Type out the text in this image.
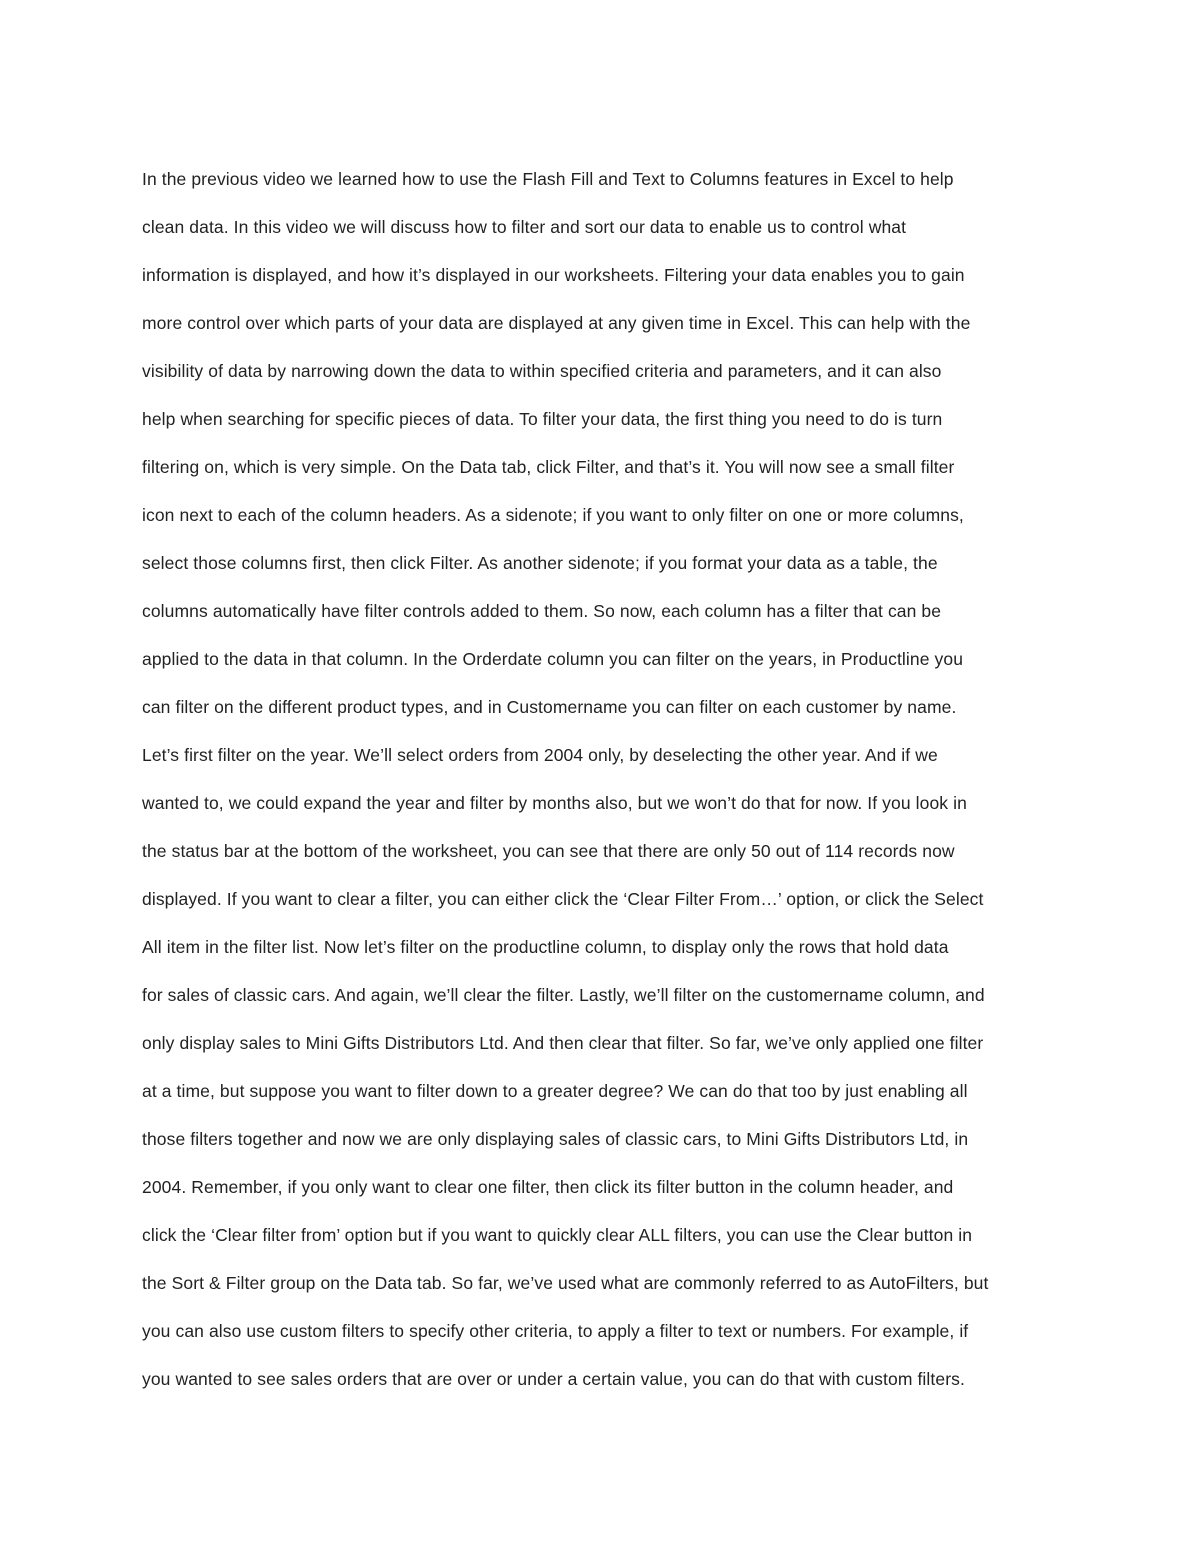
In the previous video we learned how to use the Flash Fill and Text to Columns features in Excel to help
clean data. In this video we will discuss how to filter and sort our data to enable us to control what
information is displayed, and how it’s displayed in our worksheets. Filtering your data enables you to gain
more control over which parts of your data are displayed at any given time in Excel. This can help with the
visibility of data by narrowing down the data to within specified criteria and parameters, and it can also
help when searching for specific pieces of data. To filter your data, the first thing you need to do is turn
filtering on, which is very simple. On the Data tab, click Filter, and that’s it. You will now see a small filter
icon next to each of the column headers. As a sidenote; if you want to only filter on one or more columns,
select those columns first, then click Filter. As another sidenote; if you format your data as a table, the
columns automatically have filter controls added to them. So now, each column has a filter that can be
applied to the data in that column. In the Orderdate column you can filter on the years, in Productline you
can filter on the different product types, and in Customername you can filter on each customer by name.
Let’s first filter on the year. We’ll select orders from 2004 only, by deselecting the other year. And if we
wanted to, we could expand the year and filter by months also, but we won’t do that for now. If you look in
the status bar at the bottom of the worksheet, you can see that there are only 50 out of 114 records now
displayed. If you want to clear a filter, you can either click the ‘Clear Filter From…’ option, or click the Select
All item in the filter list. Now let’s filter on the productline column, to display only the rows that hold data
for sales of classic cars. And again, we’ll clear the filter. Lastly, we’ll filter on the customername column, and
only display sales to Mini Gifts Distributors Ltd. And then clear that filter. So far, we’ve only applied one filter
at a time, but suppose you want to filter down to a greater degree? We can do that too by just enabling all
those filters together and now we are only displaying sales of classic cars, to Mini Gifts Distributors Ltd, in
2004. Remember, if you only want to clear one filter, then click its filter button in the column header, and
click the ‘Clear filter from’ option but if you want to quickly clear ALL filters, you can use the Clear button in
the Sort & Filter group on the Data tab. So far, we’ve used what are commonly referred to as AutoFilters, but
you can also use custom filters to specify other criteria, to apply a filter to text or numbers. For example, if
you wanted to see sales orders that are over or under a certain value, you can do that with custom filters.
